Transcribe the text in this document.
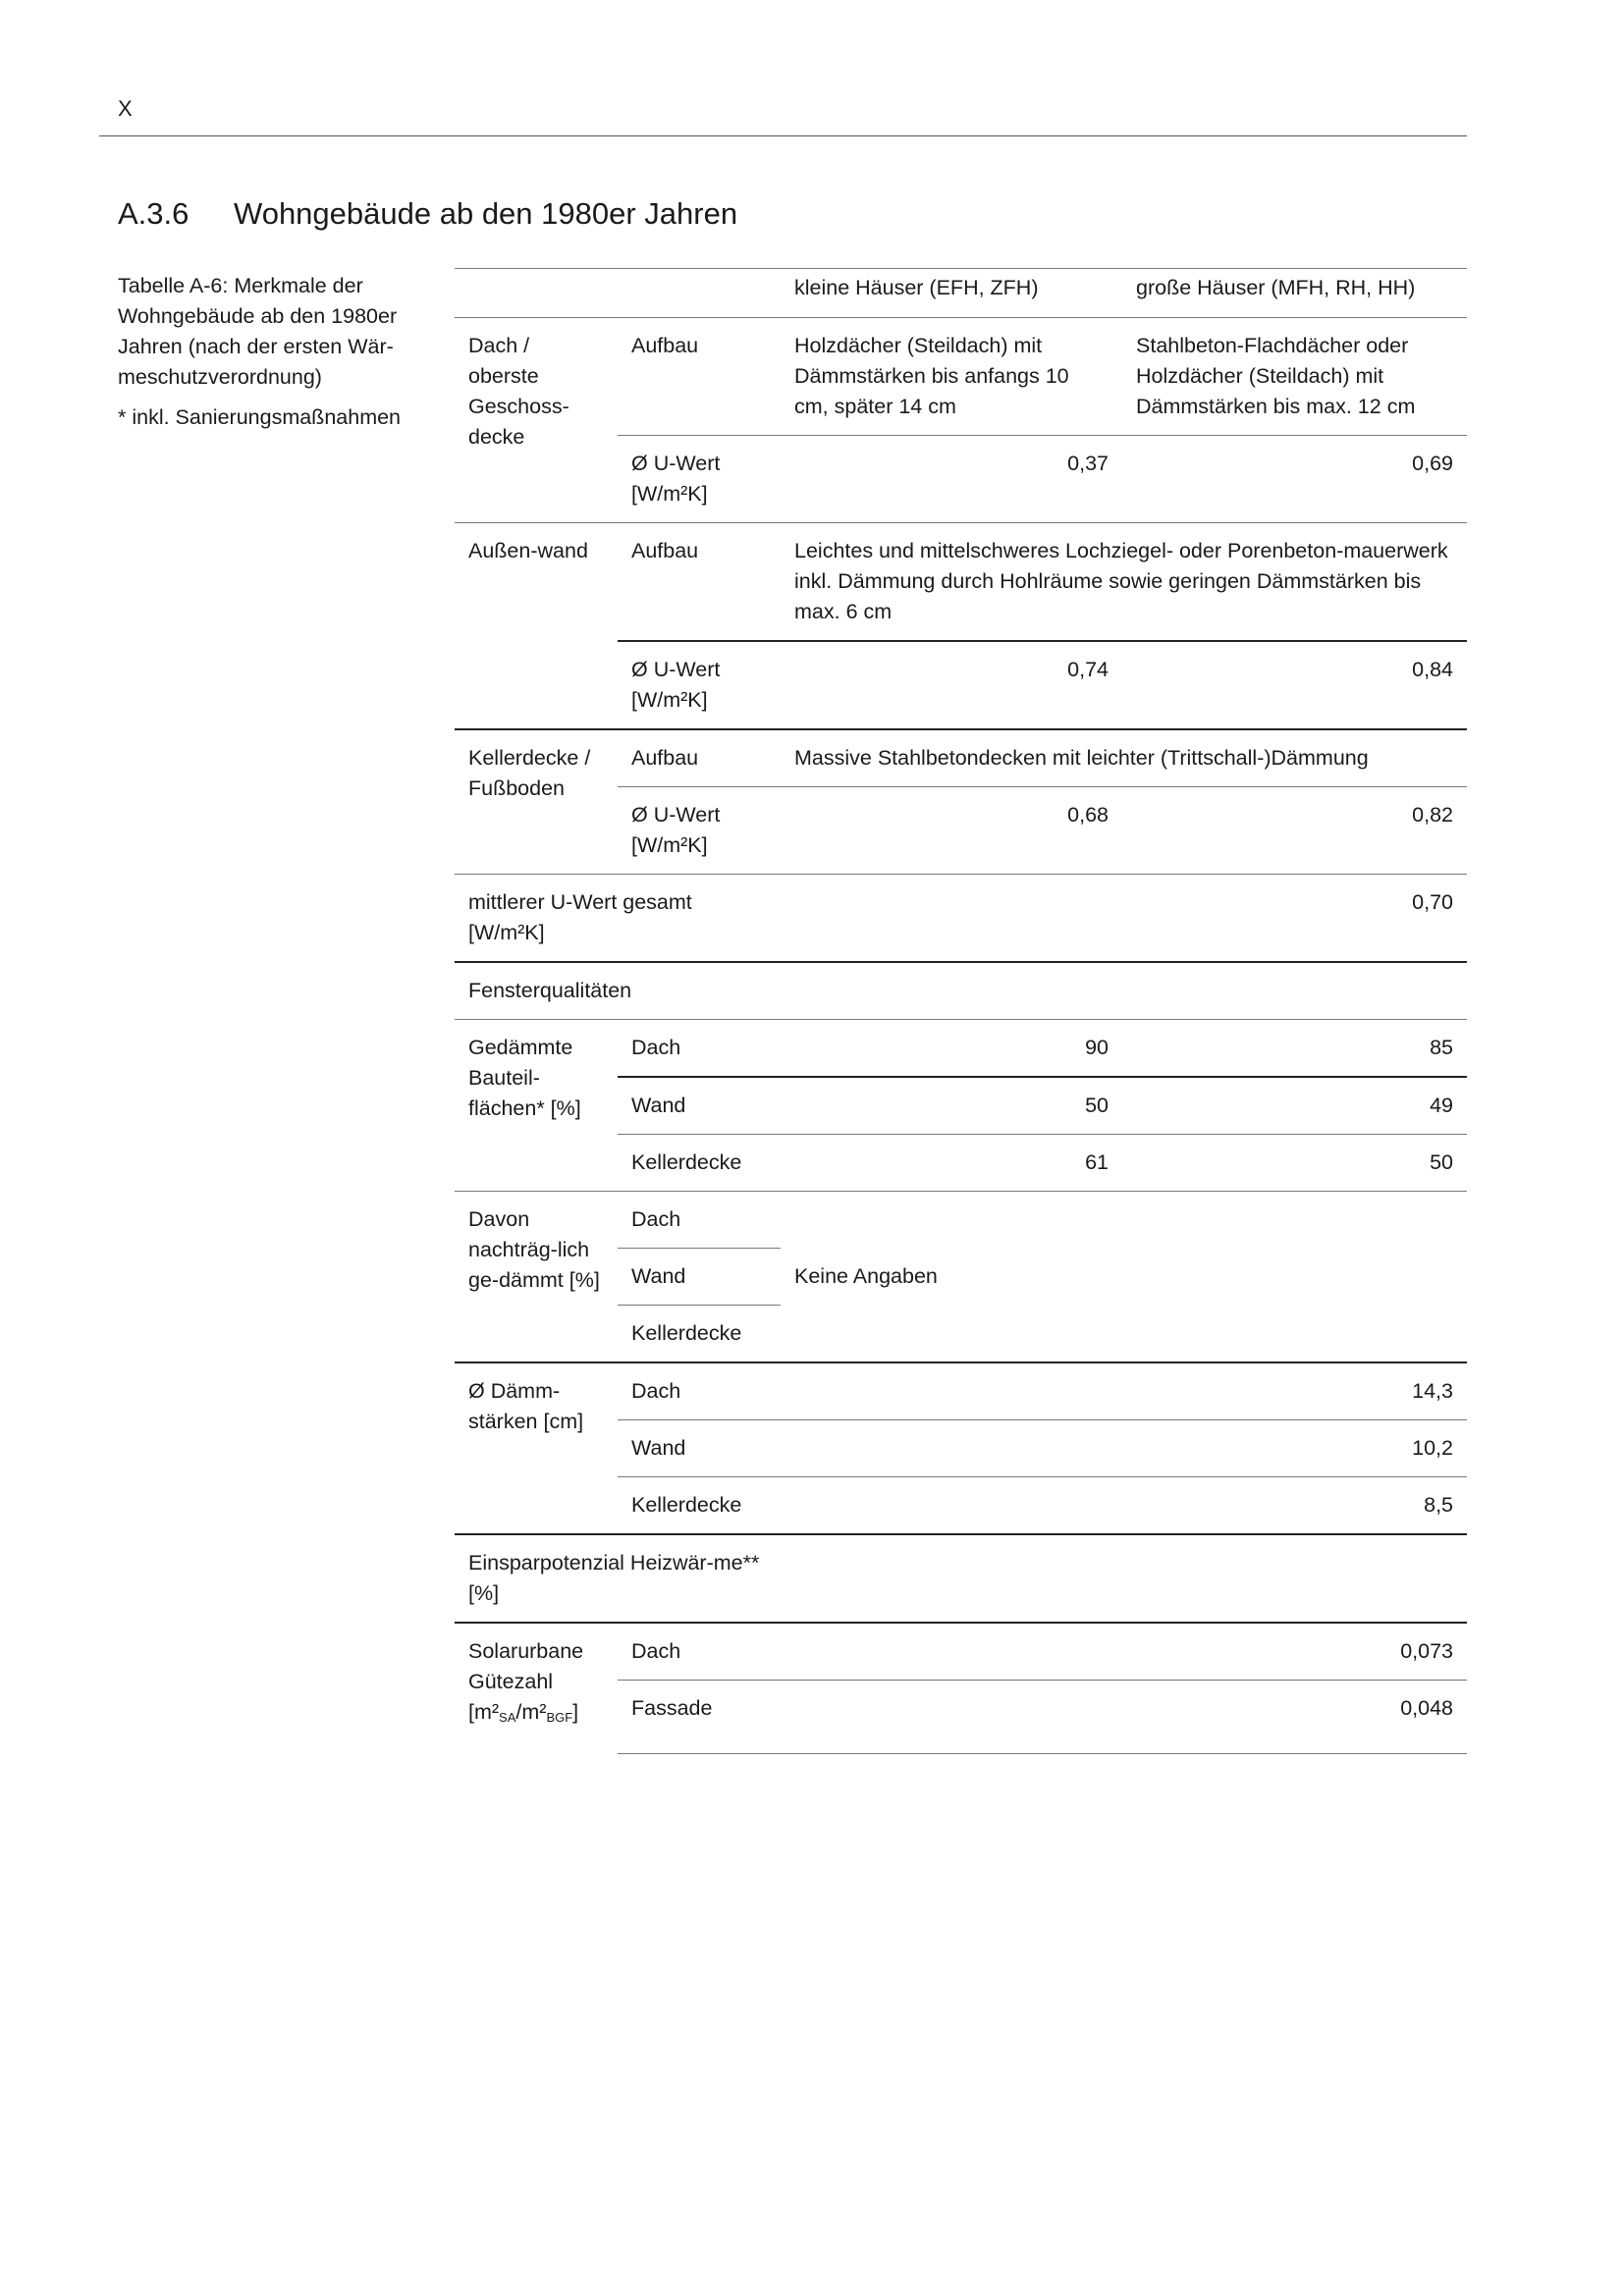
X
A.3.6 Wohngebäude ab den 1980er Jahren
Tabelle A-6: Merkmale der Wohngebäude ab den 1980er Jahren (nach der ersten Wär-meschutzverordnung)
* inkl. Sanierungsmaßnahmen
		kleine Häuser (EFH, ZFH)	große Häuser (MFH, RH, HH)
Dach / oberste Geschoss-decke	Aufbau	Holzdächer (Steildach) mit Dämmstärken bis anfangs 10 cm, später 14 cm	Stahlbeton-Flachdächer oder Holzdächer (Steildach) mit Dämmstärken bis max. 12 cm
	Ø U-Wert [W/m²K]	0,37	0,69
Außen-wand	Aufbau	Leichtes und mittelschweres Lochziegel- oder Porenbeton-mauerwerk inkl. Dämmung durch Hohlräume sowie geringen Dämmstärken bis max. 6 cm	
	Ø U-Wert [W/m²K]	0,74	0,84
Kellerdecke / Fußboden	Aufbau	Massive Stahlbetondecken mit leichter (Trittschall-)Dämmung	
	Ø U-Wert [W/m²K]	0,68	0,82
mittlerer U-Wert gesamt [W/m²K]			0,70
Fensterqualitäten			
Gedämmte Bauteil-flächen* [%]	Dach	90	85
	Wand	50	49
	Kellerdecke	61	50
Davon nachträg-lich ge-dämmt [%]	Dach	Keine Angaben	
	Wand		
	Kellerdecke		
Ø Dämm-stärken [cm]	Dach		14,3
	Wand		10,2
	Kellerdecke		8,5
Einsparpotenzial Heizwär-me** [%]			
Solarurbane Gütezahl
$[m^2_{SA}/m^2_{BGF}]$	Dach		0,073
	Fassade		0,048
